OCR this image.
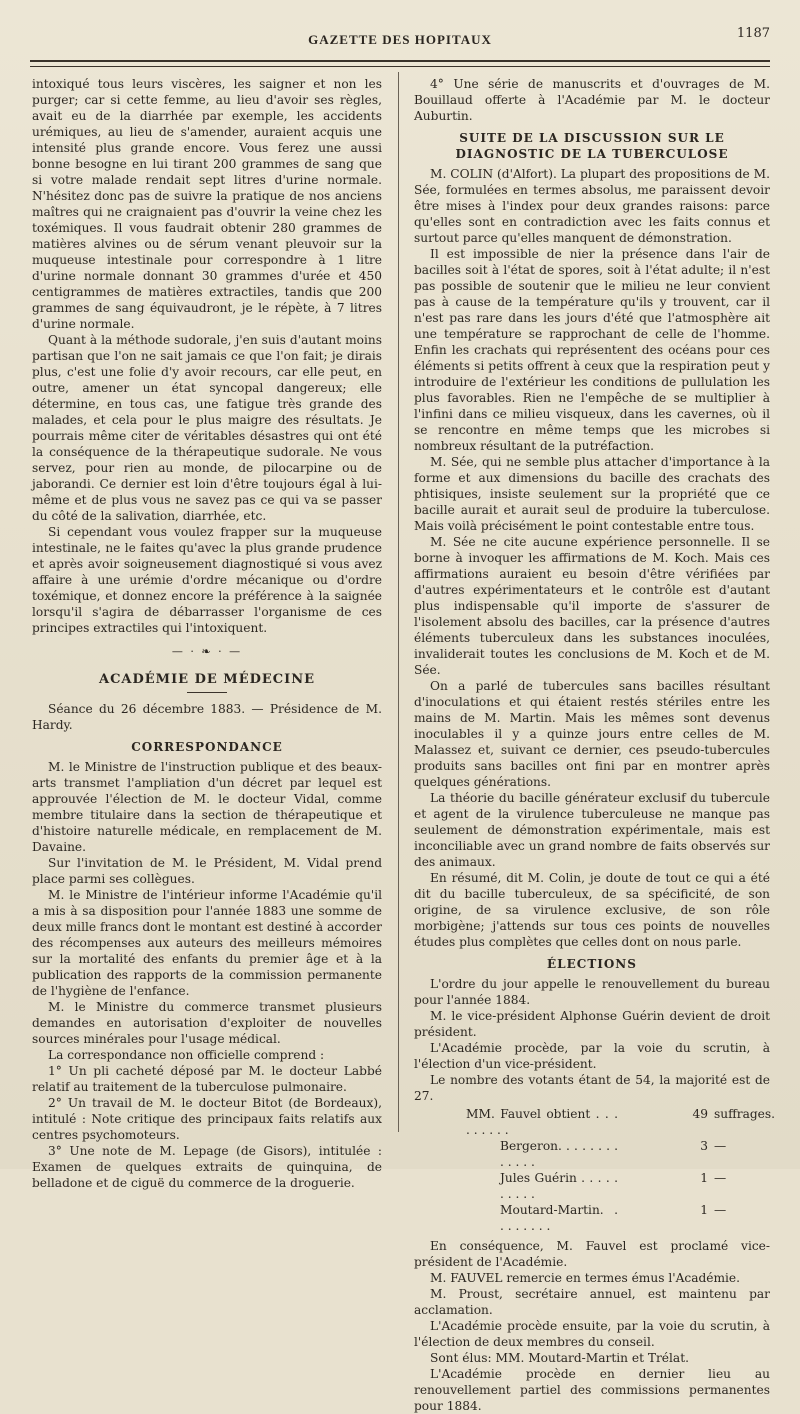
GAZETTE DES HOPITAUX	1187

intoxiqué tous leurs viscères, les saigner et non les purger; car si cette femme, au lieu d'avoir ses règles, avait eu de la diarrhée par exemple, les accidents urémiques, au lieu de s'amender, auraient acquis une intensité plus grande encore. Vous ferez une aussi bonne besogne en lui tirant 200 grammes de sang que si votre malade rendait sept litres d'urine normale. N'hésitez donc pas de suivre la pratique de nos anciens maîtres qui ne craignaient pas d'ouvrir la veine chez les toxémiques. Il vous faudrait obtenir 280 grammes de matières alvines ou de sérum venant pleuvoir sur la muqueuse intestinale pour correspondre à 1 litre d'urine normale donnant 30 grammes d'urée et 450 centigrammes de matières extractiles, tandis que 200 grammes de sang équivaudront, je le répète, à 7 litres d'urine normale.

Quant à la méthode sudorale, j'en suis d'autant moins partisan que l'on ne sait jamais ce que l'on fait; je dirais plus, c'est une folie d'y avoir recours, car elle peut, en outre, amener un état syncopal dangereux; elle détermine, en tous cas, une fatigue très grande des malades, et cela pour le plus maigre des résultats. Je pourrais même citer de véritables désastres qui ont été la conséquence de la thérapeutique sudorale. Ne vous servez, pour rien au monde, de pilocarpine ou de jaborandi. Ce dernier est loin d'être toujours égal à lui-même et de plus vous ne savez pas ce qui va se passer du côté de la salivation, diarrhée, etc.

Si cependant vous voulez frapper sur la muqueuse intestinale, ne le faites qu'avec la plus grande prudence et après avoir soigneusement diagnostiqué si vous avez affaire à une urémie d'ordre mécanique ou d'ordre toxémique, et donnez encore la préférence à la saignée lorsqu'il s'agira de débarrasser l'organisme de ces principes extractiles qui l'intoxiquent.

— · ❧ · —
ACADÉMIE DE MÉDECINE

Séance du 26 décembre 1883. — Présidence de M. Hardy.

CORRESPONDANCE

M. le Ministre de l'instruction publique et des beaux-arts transmet l'ampliation d'un décret par lequel est approuvée l'élection de M. le docteur Vidal, comme membre titulaire dans la section de thérapeutique et d'histoire naturelle médicale, en remplacement de M. Davaine.

Sur l'invitation de M. le Président, M. Vidal prend place parmi ses collègues.

M. le Ministre de l'intérieur informe l'Académie qu'il a mis à sa disposition pour l'année 1883 une somme de deux mille francs dont le montant est destiné à accorder des récompenses aux auteurs des meilleurs mémoires sur la mortalité des enfants du premier âge et à la publication des rapports de la commission permanente de l'hygiène de l'enfance.

M. le Ministre du commerce transmet plusieurs demandes en autorisation d'exploiter de nouvelles sources minérales pour l'usage médical.

La correspondance non officielle comprend :

1° Un pli cacheté déposé par M. le docteur Labbé relatif au traitement de la tuberculose pulmonaire.

2° Un travail de M. le docteur Bitot (de Bordeaux), intitulé : Note critique des principaux faits relatifs aux centres psychomoteurs.

3° Une note de M. Lepage (de Gisors), intitulée : Examen de quelques extraits de quinquina, de belladone et de ciguë du commerce de la droguerie.

4° Une série de manuscrits et d'ouvrages de M. Bouillaud offerte à l'Académie par M. le docteur Auburtin.

SUITE DE LA DISCUSSION SUR LE DIAGNOSTIC DE LA TUBERCULOSE

M. COLIN (d'Alfort). La plupart des propositions de M. Sée, formulées en termes absolus, me paraissent devoir être mises à l'index pour deux grandes raisons: parce qu'elles sont en contradiction avec les faits connus et surtout parce qu'elles manquent de démonstration.

Il est impossible de nier la présence dans l'air de bacilles soit à l'état de spores, soit à l'état adulte; il n'est pas possible de soutenir que le milieu ne leur convient pas à cause de la température qu'ils y trouvent, car il n'est pas rare dans les jours d'été que l'atmosphère ait une température se rapprochant de celle de l'homme. Enfin les crachats qui représentent des océans pour ces éléments si petits offrent à ceux que la respiration peut y introduire de l'extérieur les conditions de pullulation les plus favorables. Rien ne l'empêche de se multiplier à l'infini dans ce milieu visqueux, dans les cavernes, où il se rencontre en même temps que les microbes si nombreux résultant de la putréfaction.

M. Sée, qui ne semble plus attacher d'importance à la forme et aux dimensions du bacille des crachats des phtisiques, insiste seulement sur la propriété que ce bacille aurait et aurait seul de produire la tuberculose. Mais voilà précisément le point contestable entre tous.

M. Sée ne cite aucune expérience personnelle. Il se borne à invoquer les affirmations de M. Koch. Mais ces affirmations auraient eu besoin d'être vérifiées par d'autres expérimentateurs et le contrôle est d'autant plus indispensable qu'il importe de s'assurer de l'isolement absolu des bacilles, car la présence d'autres éléments tuberculeux dans les substances inoculées, invaliderait toutes les conclusions de M. Koch et de M. Sée.

On a parlé de tubercules sans bacilles résultant d'inoculations et qui étaient restés stériles entre les mains de M. Martin. Mais les mêmes sont devenus inoculables il y a quinze jours entre celles de M. Malassez et, suivant ce dernier, ces pseudo-tubercules produits sans bacilles ont fini par en montrer après quelques générations.

La théorie du bacille générateur exclusif du tubercule et agent de la virulence tuberculeuse ne manque pas seulement de démonstration expérimentale, mais est inconciliable avec un grand nombre de faits observés sur des animaux.

En résumé, dit M. Colin, je doute de tout ce qui a été dit du bacille tuberculeux, de sa spécificité, de son origine, de sa virulence exclusive, de son rôle morbigène; j'attends sur tous ces points de nouvelles études plus complètes que celles dont on nous parle.

ÉLECTIONS

L'ordre du jour appelle le renouvellement du bureau pour l'année 1884.

M. le vice-président Alphonse Guérin devient de droit président.

L'Académie procède, par la voie du scrutin, à l'élection d'un vice-président.

Le nombre des votants étant de 54, la majorité est de 27.

MM. Fauvel obtient . . . . . . . . .
49 suffrages.
Bergeron. . . . . . . . . . . . .
3 —
Jules Guérin . . . . . . . . . .
1 —
Moutard-Martin. . . . . . . . .
1 —

En conséquence, M. Fauvel est proclamé vice-président de l'Académie.

M. FAUVEL remercie en termes émus l'Académie.

M. Proust, secrétaire annuel, est maintenu par acclamation.

L'Académie procède ensuite, par la voie du scrutin, à l'élection de deux membres du conseil.

Sont élus: MM. Moutard-Martin et Trélat.

L'Académie procède en dernier lieu au renouvellement partiel des commissions permanentes pour 1884.
